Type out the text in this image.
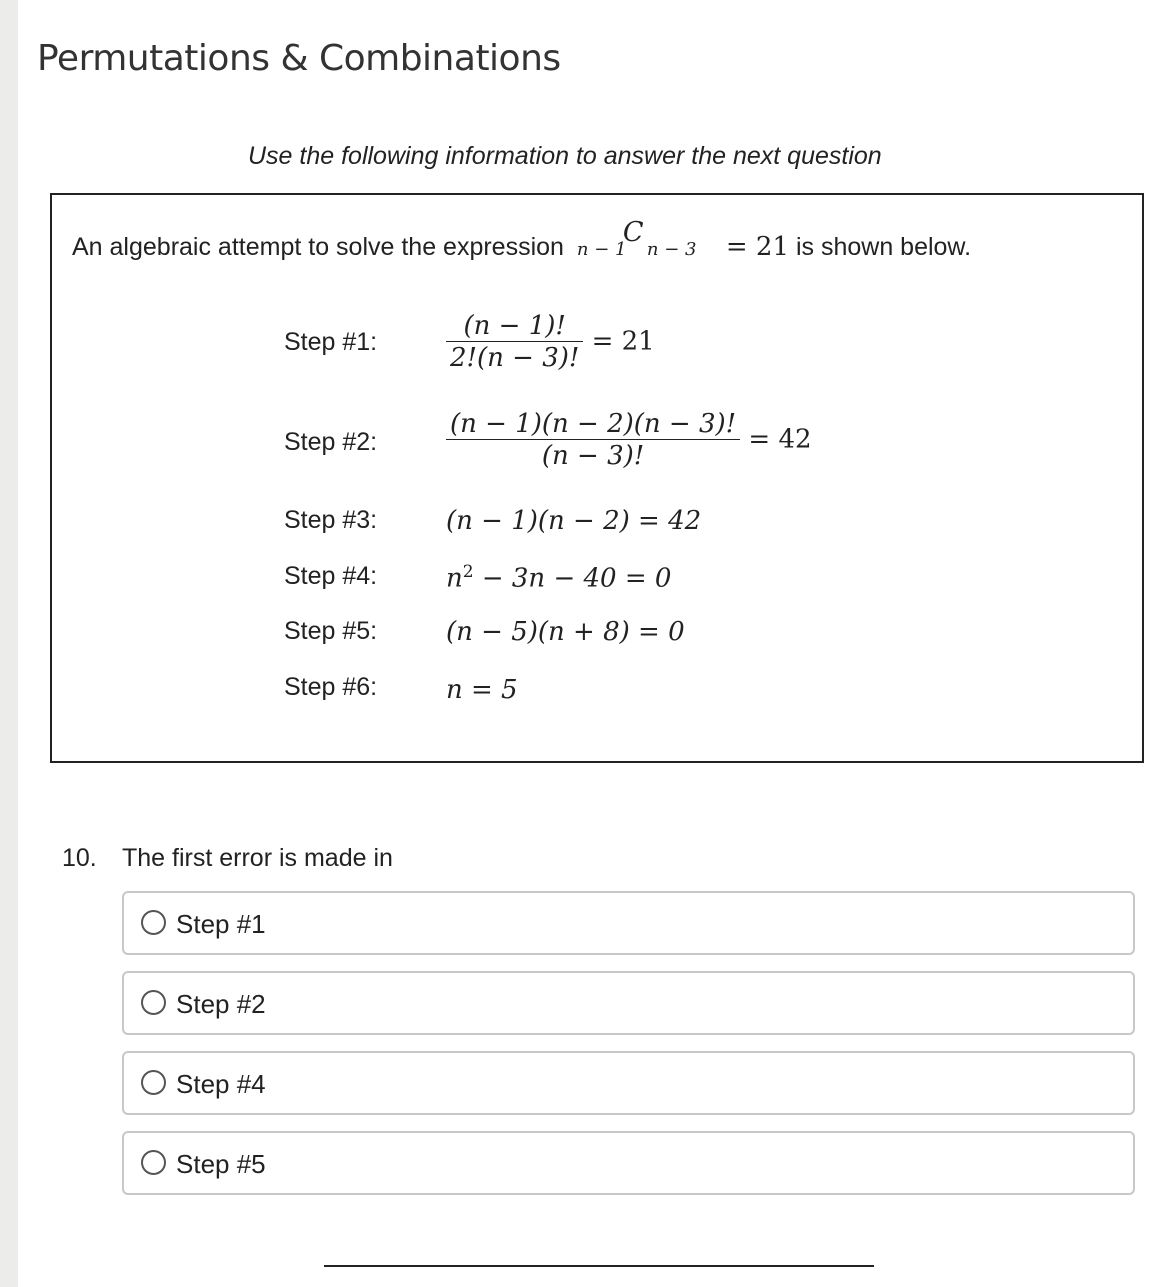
Permutations & Combinations
Use the following information to answer the next question
An algebraic attempt to solve the expression n − 1
C
n − 3 = 21 is shown below.
Step #1:	$\frac{(n - 1)!}{2!(n - 3)!} = 21$
Step #2:	$\frac{(n - 1)(n - 2)(n - 3)!}{(n - 3)!} = 42$
Step #3:	(n − 1)(n − 2) = 42
Step #4:	$n^2 - 3n - 40 = 0$
Step #5:	(n − 5)(n + 8) = 0
Step #6:	n = 5
10. The first error is made in
Step #1
Step #2
Step #4
Step #5
